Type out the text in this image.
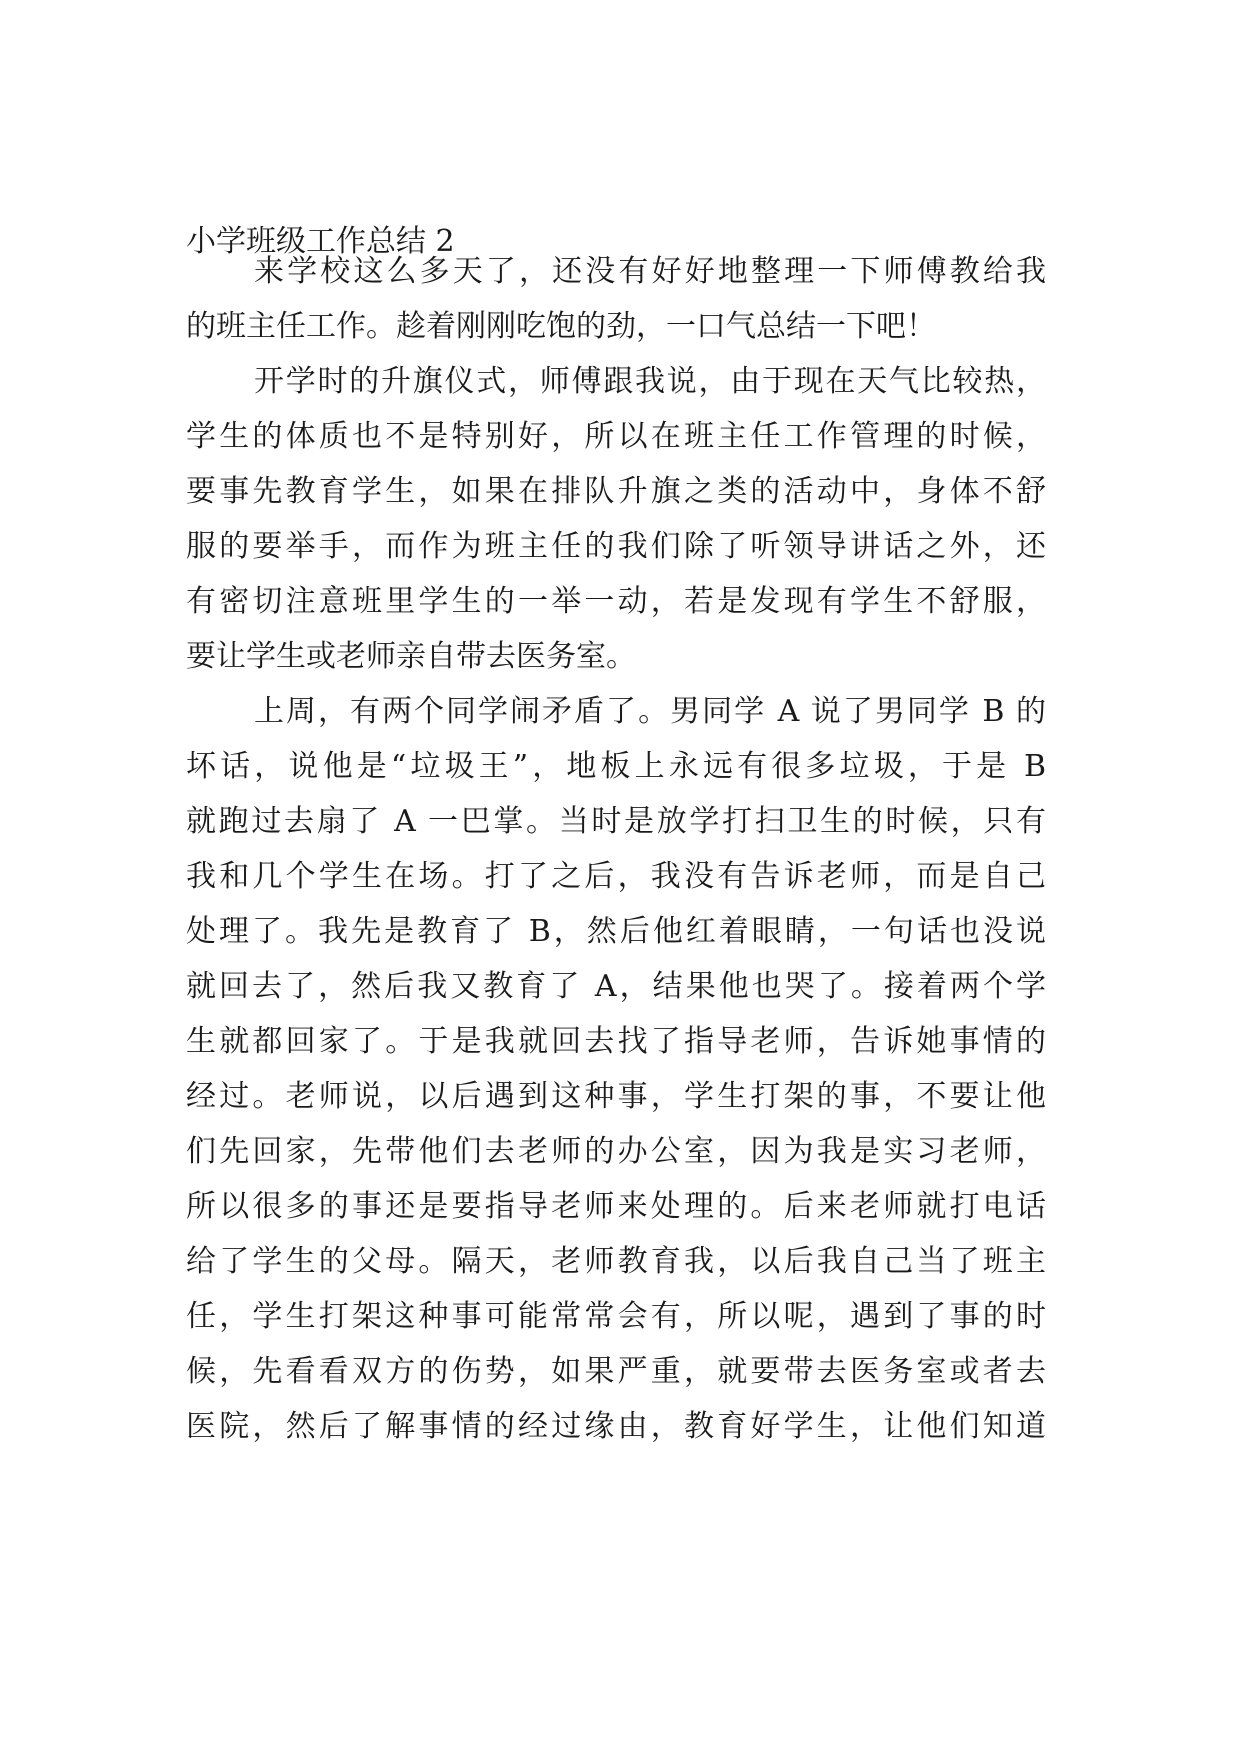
小学班级工作总结 2
来学校这么多天了，还没有好好地整理一下师傅教给我
的班主任工作。趁着刚刚吃饱的劲，一口气总结一下吧！
开学时的升旗仪式，师傅跟我说，由于现在天气比较热，
学生的体质也不是特别好，所以在班主任工作管理的时候，
要事先教育学生，如果在排队升旗之类的活动中，身体不舒
服的要举手，而作为班主任的我们除了听领导讲话之外，还
有密切注意班里学生的一举一动，若是发现有学生不舒服，
要让学生或老师亲自带去医务室。
上周，有两个同学闹矛盾了。男同学 A 说了男同学 B 的
坏话，说他是“垃圾王”，地板上永远有很多垃圾，于是 B
就跑过去扇了 A 一巴掌。当时是放学打扫卫生的时候，只有
我和几个学生在场。打了之后，我没有告诉老师，而是自己
处理了。我先是教育了 B，然后他红着眼睛，一句话也没说
就回去了，然后我又教育了 A，结果他也哭了。接着两个学
生就都回家了。于是我就回去找了指导老师，告诉她事情的
经过。老师说，以后遇到这种事，学生打架的事，不要让他
们先回家，先带他们去老师的办公室，因为我是实习老师，
所以很多的事还是要指导老师来处理的。后来老师就打电话
给了学生的父母。隔天，老师教育我，以后我自己当了班主
任，学生打架这种事可能常常会有，所以呢，遇到了事的时
候，先看看双方的伤势，如果严重，就要带去医务室或者去
医院，然后了解事情的经过缘由，教育好学生，让他们知道
